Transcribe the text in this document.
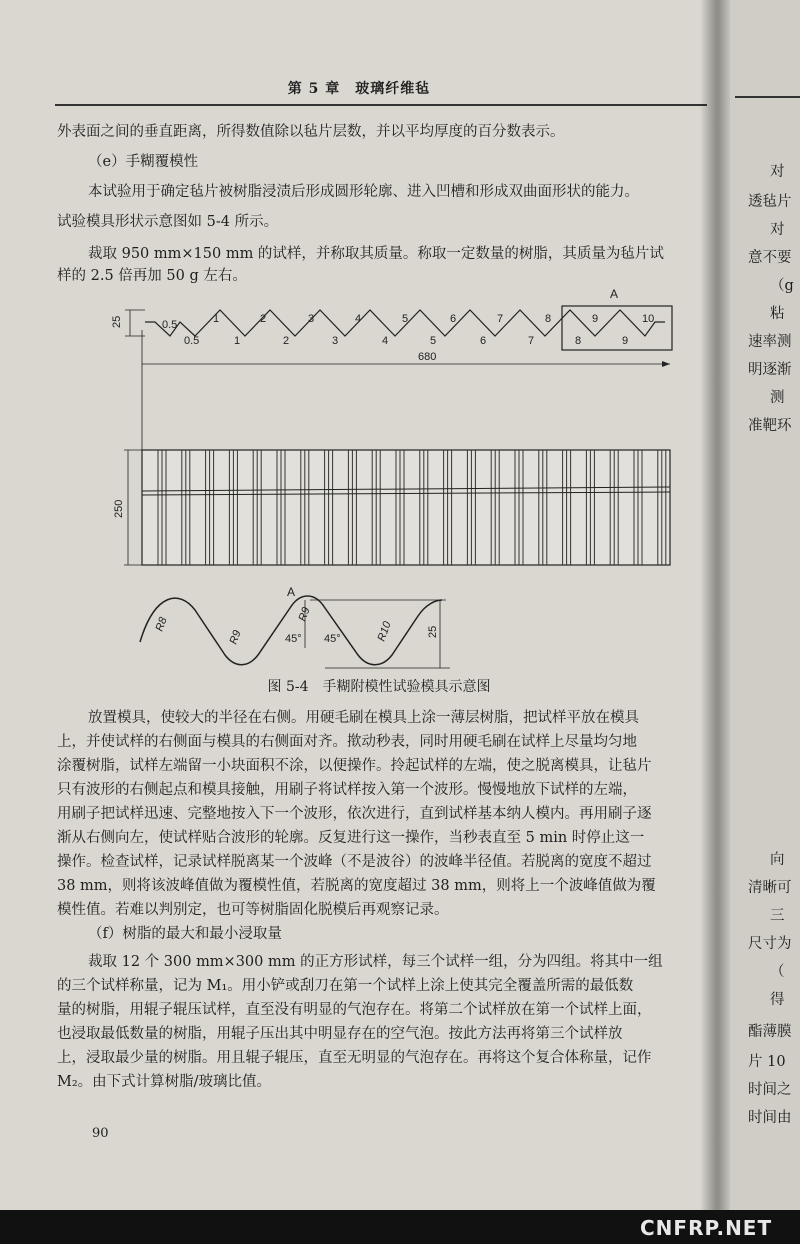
第 5 章　玻璃纤维毡
外表面之间的垂直距离，所得数值除以毡片层数，并以平均厚度的百分数表示。
（e）手糊覆模性
本试验用于确定毡片被树脂浸渍后形成圆形轮廓、进入凹槽和形成双曲面形状的能力。
试验模具形状示意图如 5-4 所示。
裁取 950 mm×150 mm 的试样，并称取其质量。称取一定数量的树脂，其质量为毡片试
样的 2.5 倍再加 50 g 左右。
25
A
0.5	1	2	3	4	5	6	7	8	9	10
0.5	1	2	3	4	5	6	7	8	9
680
250
A
R8
R9
R9
R10
45° 45°
25
图 5-4　手糊附模性试验模具示意图
放置模具，使较大的半径在右侧。用硬毛刷在模具上涂一薄层树脂，把试样平放在模具
上，并使试样的右侧面与模具的右侧面对齐。揿动秒表，同时用硬毛刷在试样上尽量均匀地
涂覆树脂，试样左端留一小块面积不涂，以便操作。拎起试样的左端，使之脱离模具，让毡片
只有波形的右侧起点和模具接触，用刷子将试样按入第一个波形。慢慢地放下试样的左端，
用刷子把试样迅速、完整地按入下一个波形，依次进行，直到试样基本纳人模内。再用刷子逐
渐从右侧向左，使试样贴合波形的轮廓。反复进行这一操作，当秒表直至 5 min 时停止这一
操作。检查试样，记录试样脱离某一个波峰（不是波谷）的波峰半径值。若脱离的宽度不超过
38 mm，则将该波峰值做为覆模性值，若脱离的宽度超过 38 mm，则将上一个波峰值做为覆
模性值。若难以判别定，也可等树脂固化脱模后再观察记录。
（f）树脂的最大和最小浸取量
裁取 12 个 300 mm×300 mm 的正方形试样，每三个试样一组，分为四组。将其中一组
的三个试样称量，记为 M₁。用小铲或刮刀在第一个试样上涂上使其完全覆盖所需的最低数
量的树脂，用辊子辊压试样，直至没有明显的气泡存在。将第二个试样放在第一个试样上面，
也浸取最低数量的树脂，用辊子压出其中明显存在的空气泡。按此方法再将第三个试样放
上，浸取最少量的树脂。用且辊子辊压，直至无明显的气泡存在。再将这个复合体称量，记作
M₂。由下式计算树脂/玻璃比值。
90
对
透毡片
对
意不要
（g
粘
速率测
明逐渐
测
准靶环
向
清晰可
三
尺寸为
（
得
酯薄膜
片 10
时间之
时间由
CNFRP.NET
